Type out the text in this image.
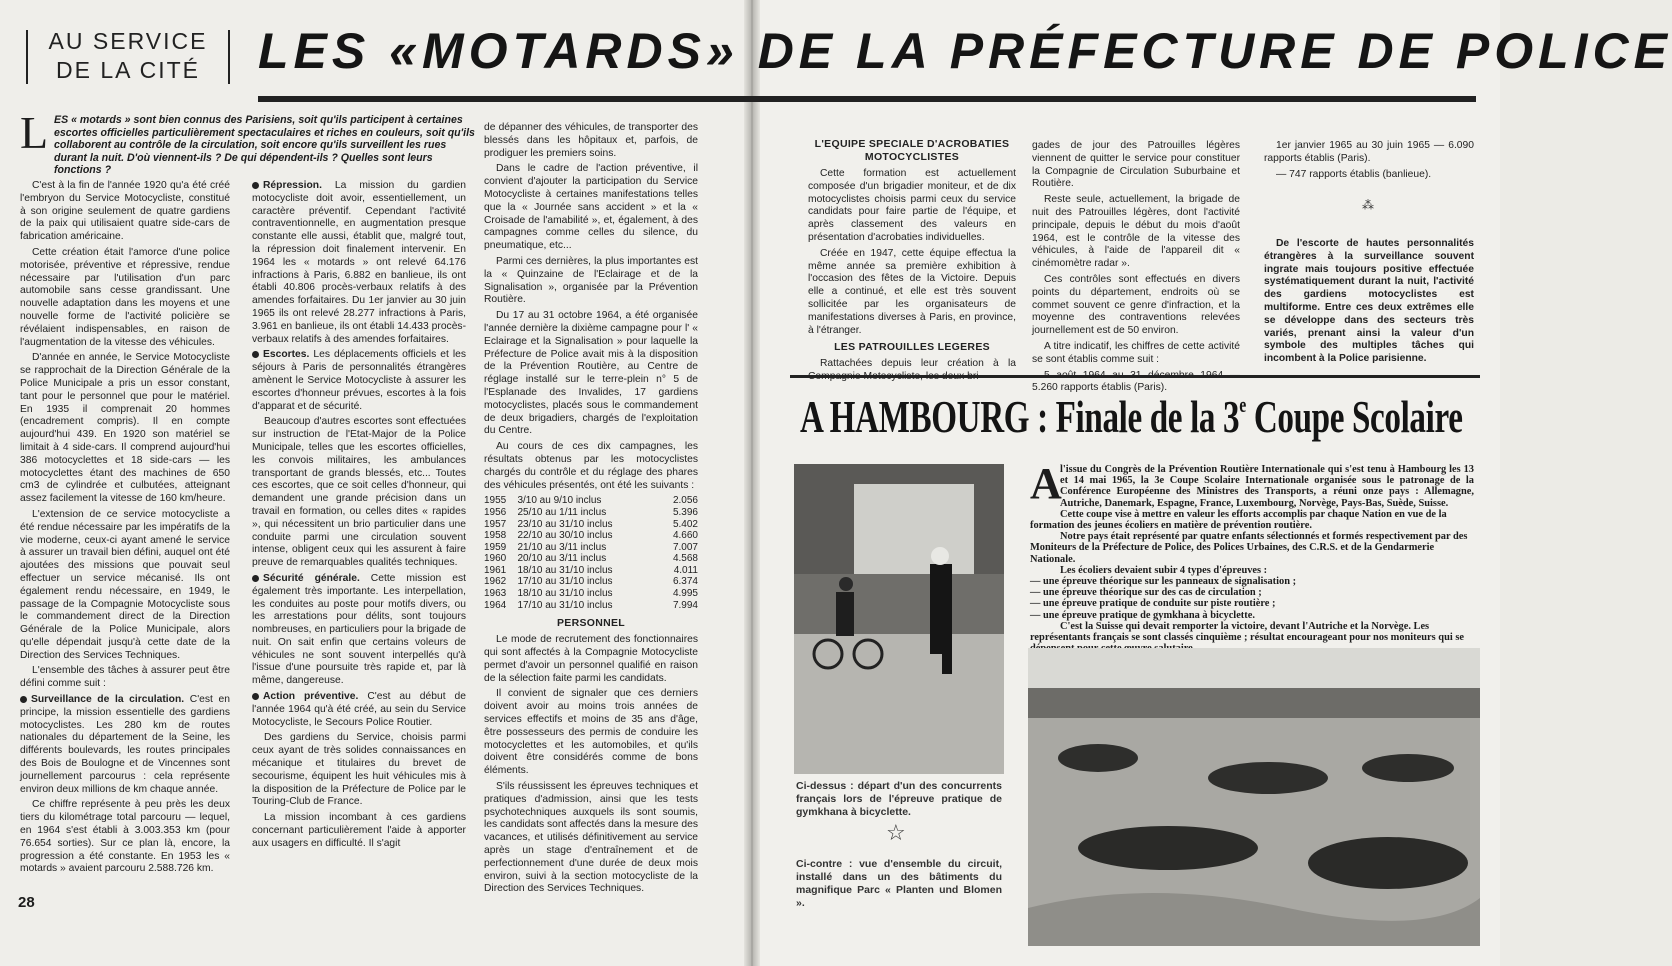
AU SERVICE
DE LA CITÉ	LES «MOTARDS» DE LA PRÉFECTURE DE POLICE
L ES « motards » sont bien connus des Parisiens, soit qu'ils participent à certaines escortes officielles particulièrement spectaculaires et riches en couleurs, soit qu'ils collaborent au contrôle de la circulation, soit encore qu'ils surveillent les rues durant la nuit. D'où viennent-ils ? De qui dépendent-ils ? Quelles sont leurs fonctions ?

C'est à la fin de l'année 1920 qu'a été créé l'embryon du Service Motocycliste, constitué à son origine seulement de quatre gardiens de la paix qui utilisaient quatre side-cars de fabrication américaine.

Cette création était l'amorce d'une police motorisée, préventive et répressive, rendue nécessaire par l'utilisation d'un parc automobile sans cesse grandissant. Une nouvelle adaptation dans les moyens et une nouvelle forme de l'activité policière se révélaient indispensables, en raison de l'augmentation de la vitesse des véhicules.

D'année en année, le Service Motocycliste se rapprochait de la Direction Générale de la Police Municipale a pris un essor constant, tant pour le personnel que pour le matériel. En 1935 il comprenait 20 hommes (encadrement compris). Il en compte aujourd'hui 439. En 1920 son matériel se limitait à 4 side-cars. Il comprend aujourd'hui 386 motocyclettes et 18 side-cars — les motocyclettes étant des machines de 650 cm3 de cylindrée et culbutées, atteignant assez facilement la vitesse de 160 km/heure.

L'extension de ce service motocycliste a été rendue nécessaire par les impératifs de la vie moderne, ceux-ci ayant amené le service à assurer un travail bien défini, auquel ont été ajoutées des missions que pouvait seul effectuer un service mécanisé. Ils ont également rendu nécessaire, en 1949, le passage de la Compagnie Motocycliste sous le commandement direct de la Direction Générale de la Police Municipale, alors qu'elle dépendait jusqu'à cette date de la Direction des Services Techniques.

L'ensemble des tâches à assurer peut être défini comme suit :

Surveillance de la circulation. C'est en principe, la mission essentielle des gardiens motocyclistes. Les 280 km de routes nationales du département de la Seine, les différents boulevards, les routes principales des Bois de Boulogne et de Vincennes sont journellement parcourus : cela représente environ deux millions de km chaque année.

Ce chiffre représente à peu près les deux tiers du kilométrage total parcouru — lequel, en 1964 s'est établi à 3.003.353 km (pour 76.654 sorties). Sur ce plan là, encore, la progression a été constante. En 1953 les « motards » avaient parcouru 2.588.726 km.

28

Répression. La mission du gardien motocycliste doit avoir, essentiellement, un caractère préventif. Cependant l'activité contraventionnelle, en augmentation presque constante elle aussi, établit que, malgré tout, la répression doit finalement intervenir. En 1964 les « motards » ont relevé 64.176 infractions à Paris, 6.882 en banlieue, ils ont établi 40.806 procès-verbaux relatifs à des amendes forfaitaires. Du 1er janvier au 30 juin 1965 ils ont relevé 28.277 infractions à Paris, 3.961 en banlieue, ils ont établi 14.433 procès-verbaux relatifs à des amendes forfaitaires.

Escortes. Les déplacements officiels et les séjours à Paris de personnalités étrangères amènent le Service Motocycliste à assurer les escortes d'honneur prévues, escortes à la fois d'apparat et de sécurité.

Beaucoup d'autres escortes sont effectuées sur instruction de l'Etat-Major de la Police Municipale, telles que les escortes officielles, les convois militaires, les ambulances transportant de grands blessés, etc... Toutes ces escortes, que ce soit celles d'honneur, qui demandent une grande précision dans un travail en formation, ou celles dites « rapides », qui nécessitent un brio particulier dans une conduite parmi une circulation souvent intense, obligent ceux qui les assurent à faire preuve de remarquables qualités techniques.

Sécurité générale. Cette mission est également très importante. Les interpellation, les conduites au poste pour motifs divers, ou les arrestations pour délits, sont toujours nombreuses, en particuliers pour la brigade de nuit. On sait enfin que certains voleurs de véhicules ne sont souvent interpellés qu'à l'issue d'une poursuite très rapide et, par là même, dangereuse.

Action préventive. C'est au début de l'année 1964 qu'à été créé, au sein du Service Motocycliste, le Secours Police Routier.

Des gardiens du Service, choisis parmi ceux ayant de très solides connaissances en mécanique et titulaires du brevet de secourisme, équipent les huit véhicules mis à la disposition de la Préfecture de Police par le Touring-Club de France.

La mission incombant à ces gardiens concernant particulièrement l'aide à apporter aux usagers en difficulté. Il s'agit

de dépanner des véhicules, de transporter des blessés dans les hôpitaux et, parfois, de prodiguer les premiers soins.

Dans le cadre de l'action préventive, il convient d'ajouter la participation du Service Motocycliste à certaines manifestations telles que la « Journée sans accident » et la « Croisade de l'amabilité », et, également, à des campagnes comme celles du silence, du pneumatique, etc...

Parmi ces dernières, la plus importantes est la « Quinzaine de l'Eclairage et de la Signalisation », organisée par la Prévention Routière.

Du 17 au 31 octobre 1964, a été organisée l'année dernière la dixième campagne pour l' « Eclairage et la Signalisation » pour laquelle la Préfecture de Police avait mis à la disposition de la Prévention Routière, au Centre de réglage installé sur le terre-plein n° 5 de l'Esplanade des Invalides, 17 gardiens motocyclistes, placés sous le commandement de deux brigadiers, chargés de l'exploitation du Centre.

Au cours de ces dix campagnes, les résultats obtenus par les motocyclistes chargés du contrôle et du réglage des phares des véhicules présentés, ont été les suivants :

1955	3/10 au 9/10 inclus	2.056
1956	25/10 au 1/11 inclus	5.396
1957	23/10 au 31/10 inclus	5.402
1958	22/10 au 30/10 inclus	4.660
1959	21/10 au 3/11 inclus	7.007
1960	20/10 au 3/11 inclus	4.568
1961	18/10 au 31/10 inclus	4.011
1962	17/10 au 31/10 inclus	6.374
1963	18/10 au 31/10 inclus	4.995
1964	17/10 au 31/10 inclus	7.994
PERSONNEL

Le mode de recrutement des fonctionnaires qui sont affectés à la Compagnie Motocycliste permet d'avoir un personnel qualifié en raison de la sélection faite parmi les candidats.

Il convient de signaler que ces derniers doivent avoir au moins trois années de services effectifs et moins de 35 ans d'âge, être possesseurs des permis de conduire les motocyclettes et les automobiles, et qu'ils doivent être considérés comme de bons éléments.

S'ils réussissent les épreuves techniques et pratiques d'admission, ainsi que les tests psychotechniques auxquels ils sont soumis, les candidats sont affectés dans la mesure des vacances, et utilisés définitivement au service après un stage d'entraînement et de perfectionnement d'une durée de deux mois environ, suivi à la section motocycliste de la Direction des Services Techniques.

L'EQUIPE SPECIALE D'ACROBATIES MOTOCYCLISTES

Cette formation est actuellement composée d'un brigadier moniteur, et de dix motocyclistes choisis parmi ceux du service candidats pour faire partie de l'équipe, et après classement des valeurs en présentation d'acrobaties individuelles.

Créée en 1947, cette équipe effectua la même année sa première exhibition à l'occasion des fêtes de la Victoire. Depuis elle a continué, et elle est très souvent sollicitée par les organisateurs de manifestations diverses à Paris, en province, à l'étranger.

LES PATROUILLES LEGERES

Rattachées depuis leur création à la

gades de jour des Patrouilles légères viennent de quitter le service pour constituer la Compagnie de Circulation Suburbaine et Routière.

Reste seule, actuellement, la brigade de nuit des Patrouilles légères, dont l'activité principale, depuis le début du mois d'août 1964, est le contrôle de la vitesse des véhicules, à l'aide de l'appareil dit « cinémomètre radar ».

Ces contrôles sont effectués en divers points du département, endroits où se commet souvent ce genre d'infraction, et la moyenne des contraventions relevées journellement est de 50 environ.

A titre indicatif, les chiffres de cette activité se sont établis comme suit :

5.260 rapports établis (Paris).

1er janvier 1965 au 30 juin 1965 — 6.090 rapports établis (Paris).

— 747 rapports établis (banlieue).

⁂

De l'escorte de hautes personnalités étrangères à la surveillance souvent ingrate mais toujours positive effectuée systématiquement durant la nuit, l'activité des gardiens motocyclistes est multiforme. Entre ces deux extrêmes elle se développe dans des secteurs très variés, prenant ainsi la valeur d'un symbole des multiples tâches qui incombent à la Police parisienne.

A HAMBOURG : Finale de la 3e Coupe Scolaire
Ci-dessus : départ d'un des concurrents français lors de l'épreuve pratique de gymkhana à bicyclette.
☆
Ci-contre : vue d'ensemble du circuit, installé dans un des bâtiments du magnifique Parc « Planten und Blomen ».
A

l'issue du Congrès de la Prévention Routière Internationale qui s'est tenu à Hambourg les 13 et 14 mai 1965, la 3e Coupe Scolaire Internationale organisée sous le patronage de la Conférence Européenne des Ministres des Transports, a réuni onze pays : Allemagne, Autriche, Danemark, Espagne, France, Luxembourg, Norvège, Pays-Bas, Suède, Suisse.

Cette coupe vise à mettre en valeur les efforts accomplis par chaque Nation en vue de la formation des jeunes écoliers en matière de prévention routière.

Notre pays était représenté par quatre enfants sélectionnés et formés respectivement par des Moniteurs de la Préfecture de Police, des Polices Urbaines, des C.R.S. et de la Gendarmerie Nationale.

Les écoliers devaient subir 4 types d'épreuves :

— une épreuve théorique sur les panneaux de signalisation ;

— une épreuve théorique sur des cas de circulation ;

— une épreuve pratique de conduite sur piste routière ;

— une épreuve pratique de gymkhana à bicyclette.

C'est la Suisse qui devait remporter la victoire, devant l'Autriche et la Norvège. Les représentants français se sont classés cinquième ; résultat encourageant pour nos moniteurs qui se
